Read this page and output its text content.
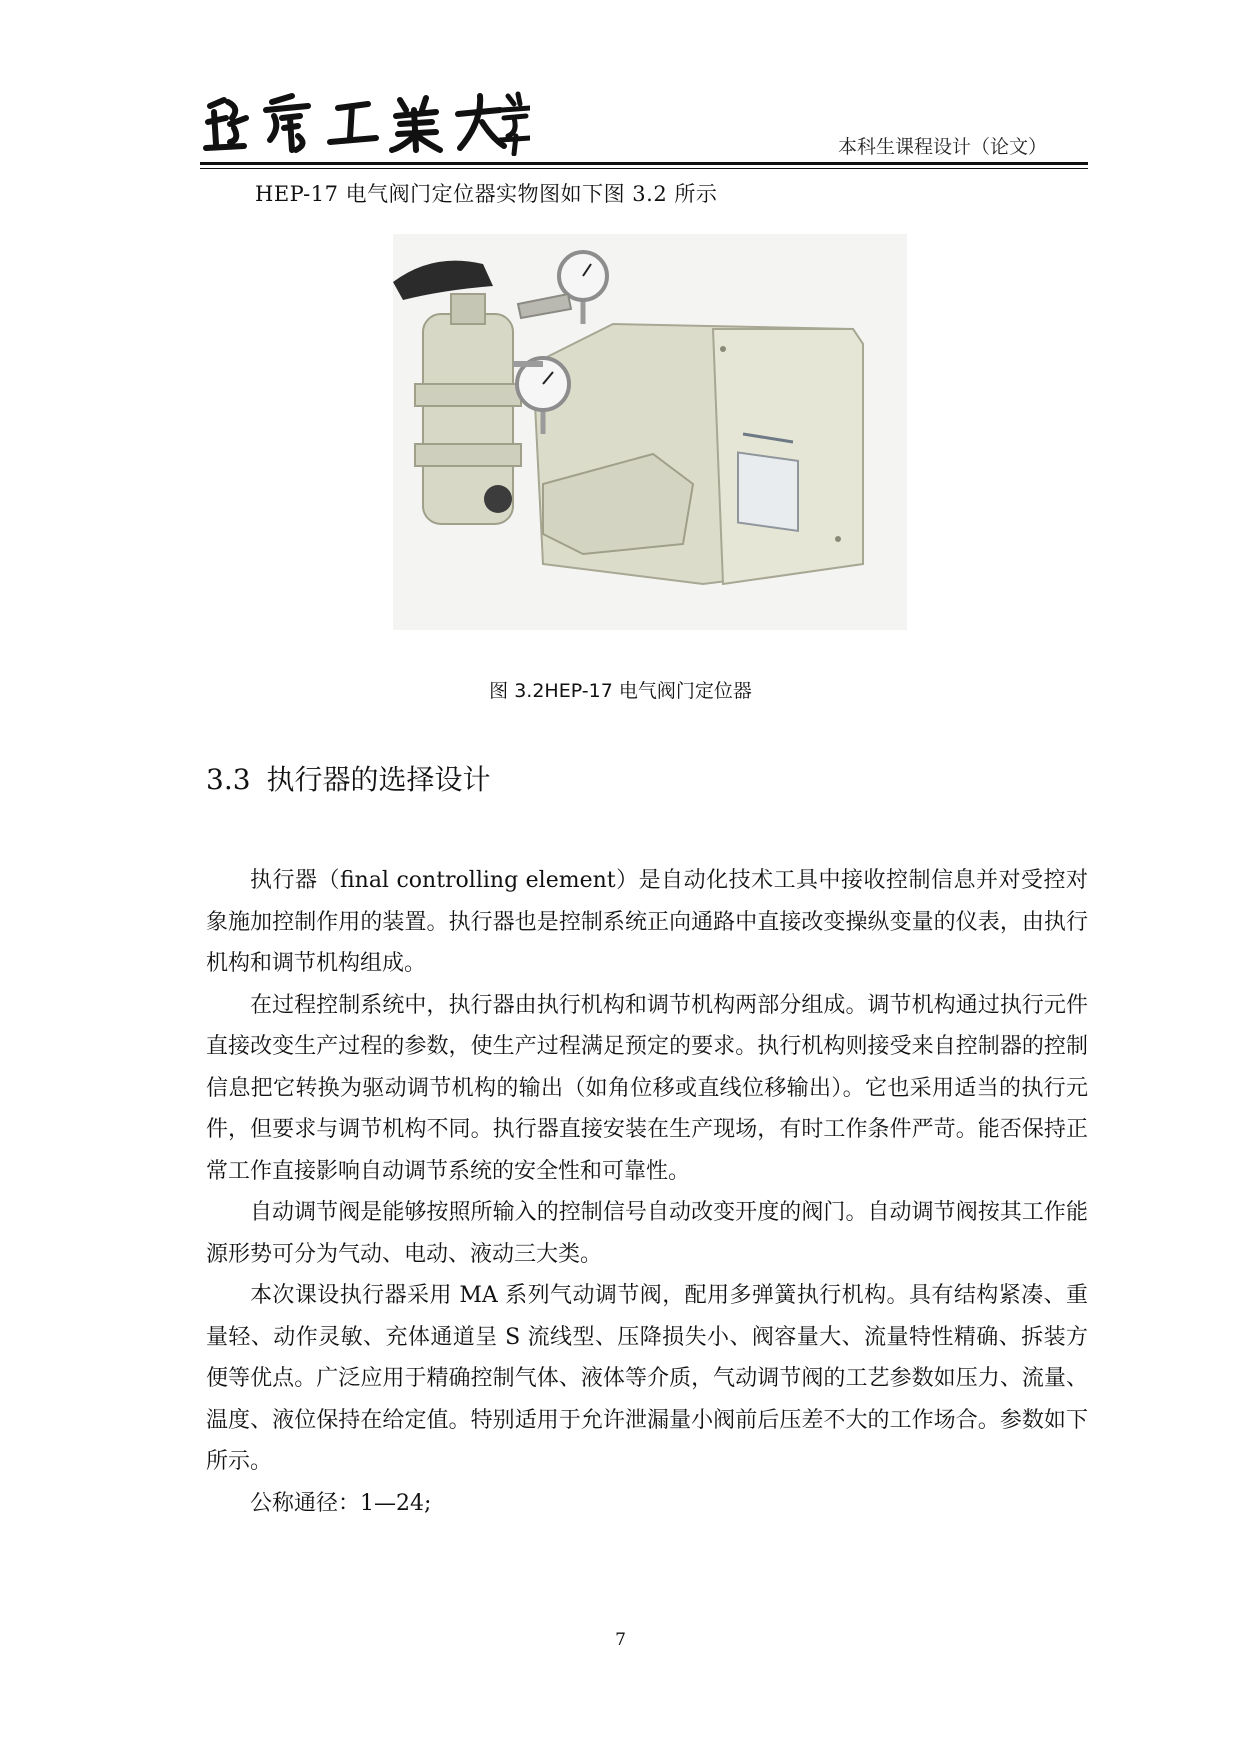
本科生课程设计（论文）
HEP-17 电气阀门定位器实物图如下图 3.2 所示
图 3.2HEP-17 电气阀门定位器
3.3 执行器的选择设计

执行器（final controlling element）是自动化技术工具中接收控制信息并对受控对象施加控制作用的装置。执行器也是控制系统正向通路中直接改变操纵变量的仪表，由执行机构和调节机构组成。

在过程控制系统中，执行器由执行机构和调节机构两部分组成。调节机构通过执行元件直接改变生产过程的参数，使生产过程满足预定的要求。执行机构则接受来自控制器的控制信息把它转换为驱动调节机构的输出（如角位移或直线位移输出）。它也采用适当的执行元件，但要求与调节机构不同。执行器直接安装在生产现场，有时工作条件严苛。能否保持正常工作直接影响自动调节系统的安全性和可靠性。

自动调节阀是能够按照所输入的控制信号自动改变开度的阀门。自动调节阀按其工作能源形势可分为气动、电动、液动三大类。

本次课设执行器采用 MA 系列气动调节阀，配用多弹簧执行机构。具有结构紧凑、重量轻、动作灵敏、充体通道呈 S 流线型、压降损失小、阀容量大、流量特性精确、拆装方便等优点。广泛应用于精确控制气体、液体等介质，气动调节阀的工艺参数如压力、流量、温度、液位保持在给定值。特别适用于允许泄漏量小阀前后压差不大的工作场合。参数如下所示。

公称通径：1—24;

7
